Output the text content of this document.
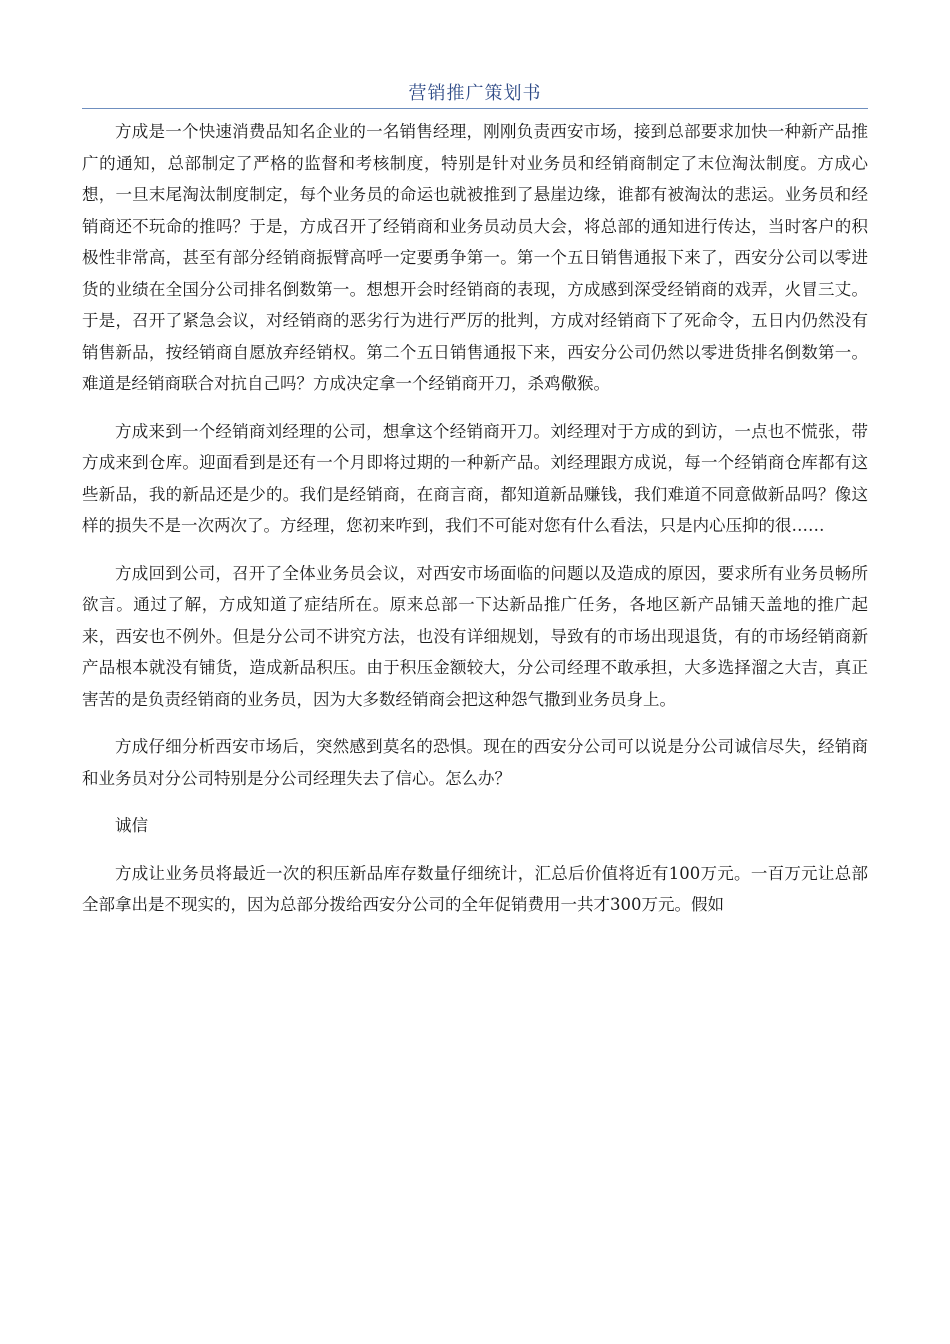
营销推广策划书

方成是一个快速消费品知名企业的一名销售经理，刚刚负责西安市场，接到总部要求加快一种新产品推广的通知，总部制定了严格的监督和考核制度，特别是针对业务员和经销商制定了末位淘汰制度。方成心想，一旦末尾淘汰制度制定，每个业务员的命运也就被推到了悬崖边缘，谁都有被淘汰的悲运。业务员和经销商还不玩命的推吗？于是，方成召开了经销商和业务员动员大会，将总部的通知进行传达，当时客户的积极性非常高，甚至有部分经销商振臂高呼一定要勇争第一。第一个五日销售通报下来了，西安分公司以零进货的业绩在全国分公司排名倒数第一。想想开会时经销商的表现，方成感到深受经销商的戏弄，火冒三丈。于是，召开了紧急会议，对经销商的恶劣行为进行严厉的批判，方成对经销商下了死命令，五日内仍然没有销售新品，按经销商自愿放弃经销权。第二个五日销售通报下来，西安分公司仍然以零进货排名倒数第一。难道是经销商联合对抗自己吗？方成决定拿一个经销商开刀，杀鸡儆猴。

方成来到一个经销商刘经理的公司，想拿这个经销商开刀。刘经理对于方成的到访，一点也不慌张，带方成来到仓库。迎面看到是还有一个月即将过期的一种新产品。刘经理跟方成说，每一个经销商仓库都有这些新品，我的新品还是少的。我们是经销商，在商言商，都知道新品赚钱，我们难道不同意做新品吗？像这样的损失不是一次两次了。方经理，您初来咋到，我们不可能对您有什么看法，只是内心压抑的很……

方成回到公司，召开了全体业务员会议，对西安市场面临的问题以及造成的原因，要求所有业务员畅所欲言。通过了解，方成知道了症结所在。原来总部一下达新品推广任务，各地区新产品铺天盖地的推广起来，西安也不例外。但是分公司不讲究方法，也没有详细规划，导致有的市场出现退货，有的市场经销商新产品根本就没有铺货，造成新品积压。由于积压金额较大，分公司经理不敢承担，大多选择溜之大吉，真正害苦的是负责经销商的业务员，因为大多数经销商会把这种怨气撒到业务员身上。

方成仔细分析西安市场后，突然感到莫名的恐惧。现在的西安分公司可以说是分公司诚信尽失，经销商和业务员对分公司特别是分公司经理失去了信心。怎么办？

诚信

方成让业务员将最近一次的积压新品库存数量仔细统计，汇总后价值将近有100万元。一百万元让总部全部拿出是不现实的，因为总部分拨给西安分公司的全年促销费用一共才300万元。假如
